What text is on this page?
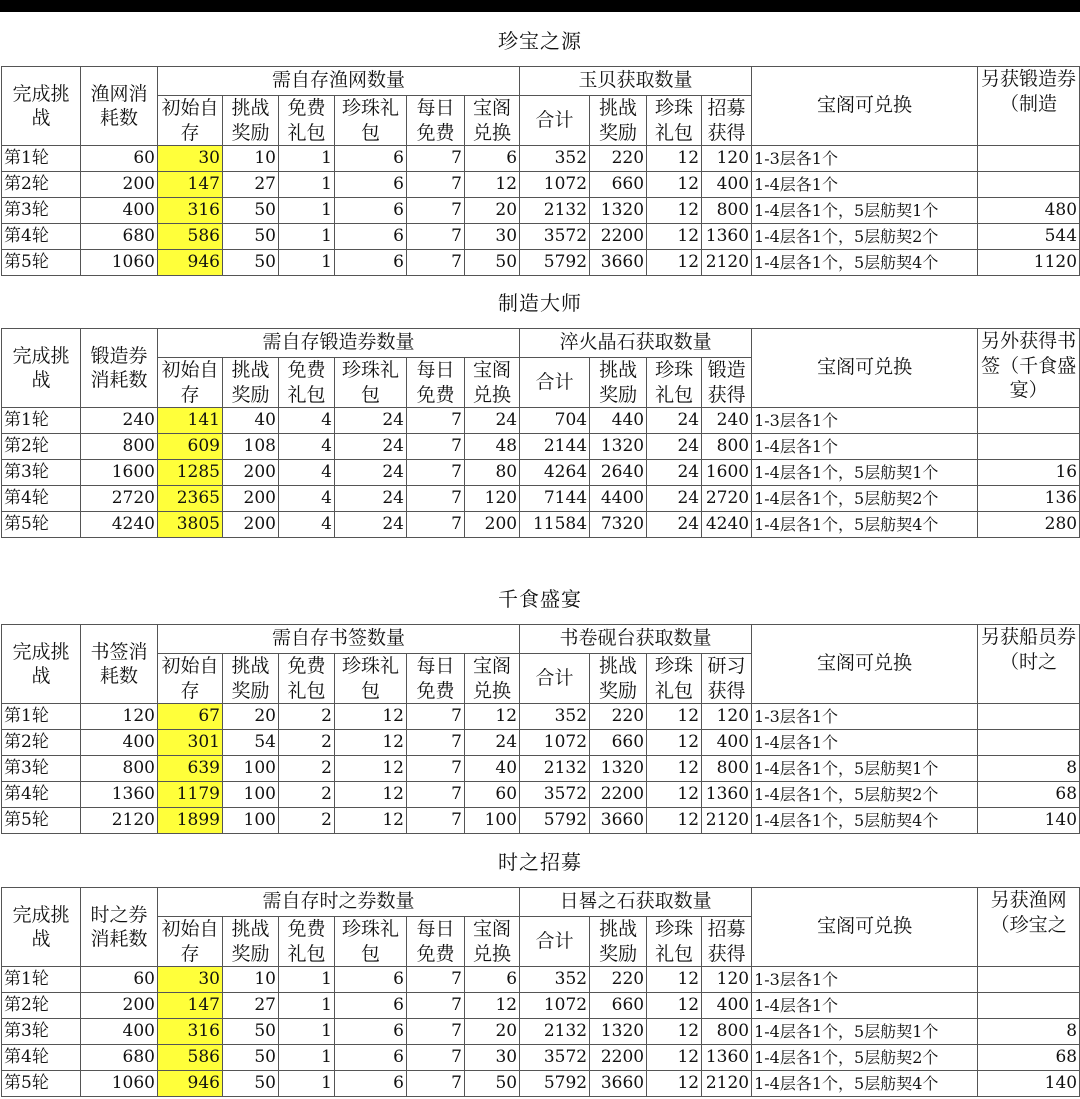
珍宝之源
完成挑战	渔网消耗数	需自存渔网数量						玉贝获取数量				宝阁可兑换	另获锻造券（制造
		初始自存	挑战奖励	免费礼包	珍珠礼包	每日免费	宝阁兑换	合计	挑战奖励	珍珠礼包	招募获得		
第1轮	60	30	10	1	6	7	6	352	220	12	120	1-3层各1个	
第2轮	200	147	27	1	6	7	12	1072	660	12	400	1-4层各1个	
第3轮	400	316	50	1	6	7	20	2132	1320	12	800	1-4层各1个，5层舫契1个	480
第4轮	680	586	50	1	6	7	30	3572	2200	12	1360	1-4层各1个，5层舫契2个	544
第5轮	1060	946	50	1	6	7	50	5792	3660	12	2120	1-4层各1个，5层舫契4个	1120
制造大师
完成挑战	锻造券消耗数	需自存锻造券数量						淬火晶石获取数量				宝阁可兑换	另外获得书签（千食盛宴）
		初始自存	挑战奖励	免费礼包	珍珠礼包	每日免费	宝阁兑换	合计	挑战奖励	珍珠礼包	锻造获得		
第1轮	240	141	40	4	24	7	24	704	440	24	240	1-3层各1个	
第2轮	800	609	108	4	24	7	48	2144	1320	24	800	1-4层各1个	
第3轮	1600	1285	200	4	24	7	80	4264	2640	24	1600	1-4层各1个，5层舫契1个	16
第4轮	2720	2365	200	4	24	7	120	7144	4400	24	2720	1-4层各1个，5层舫契2个	136
第5轮	4240	3805	200	4	24	7	200	11584	7320	24	4240	1-4层各1个，5层舫契4个	280
千食盛宴
完成挑战	书签消耗数	需自存书签数量						书卷砚台获取数量				宝阁可兑换	另获船员券（时之
		初始自存	挑战奖励	免费礼包	珍珠礼包	每日免费	宝阁兑换	合计	挑战奖励	珍珠礼包	研习获得		
第1轮	120	67	20	2	12	7	12	352	220	12	120	1-3层各1个	
第2轮	400	301	54	2	12	7	24	1072	660	12	400	1-4层各1个	
第3轮	800	639	100	2	12	7	40	2132	1320	12	800	1-4层各1个，5层舫契1个	8
第4轮	1360	1179	100	2	12	7	60	3572	2200	12	1360	1-4层各1个，5层舫契2个	68
第5轮	2120	1899	100	2	12	7	100	5792	3660	12	2120	1-4层各1个，5层舫契4个	140
时之招募
完成挑战	时之券消耗数	需自存时之券数量						日晷之石获取数量				宝阁可兑换	另获渔网（珍宝之
		初始自存	挑战奖励	免费礼包	珍珠礼包	每日免费	宝阁兑换	合计	挑战奖励	珍珠礼包	招募获得		
第1轮	60	30	10	1	6	7	6	352	220	12	120	1-3层各1个	
第2轮	200	147	27	1	6	7	12	1072	660	12	400	1-4层各1个	
第3轮	400	316	50	1	6	7	20	2132	1320	12	800	1-4层各1个，5层舫契1个	8
第4轮	680	586	50	1	6	7	30	3572	2200	12	1360	1-4层各1个，5层舫契2个	68
第5轮	1060	946	50	1	6	7	50	5792	3660	12	2120	1-4层各1个，5层舫契4个	140
